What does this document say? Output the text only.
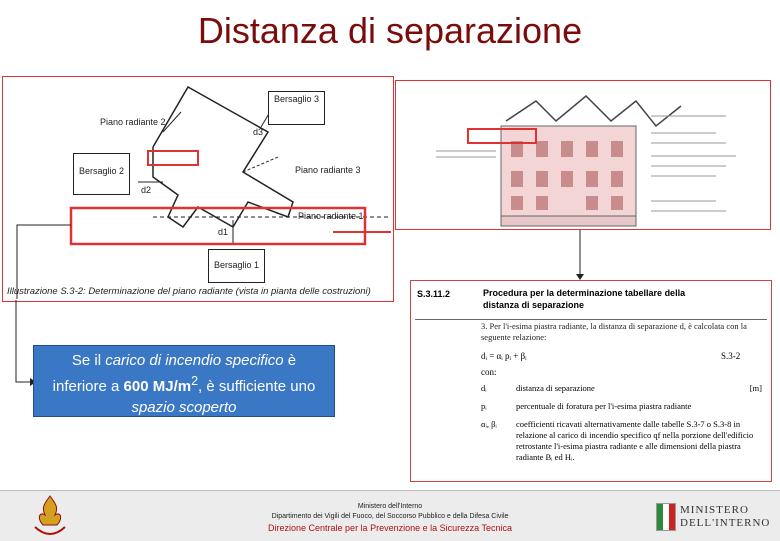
Distanza di separazione
Bersaglio 3
Piano radiante 2
Bersaglio 2	Piano radiante 3
Piano radiante 1
Bersaglio 1
d3
d2
d1
Illustrazione S.3-2: Determinazione del piano radiante (vista in pianta delle costruzioni)
Se il carico di incendio specifico è
inferiore a 600 $MJ/m^2$, è sufficiente uno
spazio scoperto
S.3.11.2	Procedura per la determinazione tabellare della distanza di separazione
3. Per l'i-esima piastra radiante, la distanza di separazione d, è calcolata con la seguente relazione:
dᵢ = αᵢ pᵢ + βᵢ	S.3-2
con:
dᵢ	distanza di separazione	[m]
pᵢ	percentuale di foratura per l'i-esima piastra radiante
αᵢ, βᵢ	coefficienti ricavati alternativamente dalle tabelle S.3-7 o S.3-8 in relazione al carico di incendio specifico qf nella porzione dell'edificio retrostante l'i-esima piastra radiante e alle dimensioni della piastra radiante Bᵢ ed Hᵢ.
Ministero dell'Interno
Dipartimento dei Vigili del Fuoco, del Soccorso Pubblico e della Difesa Civile
Direzione Centrale per la Prevenzione e la Sicurezza Tecnica
MINISTERO
DELL'INTERNO
